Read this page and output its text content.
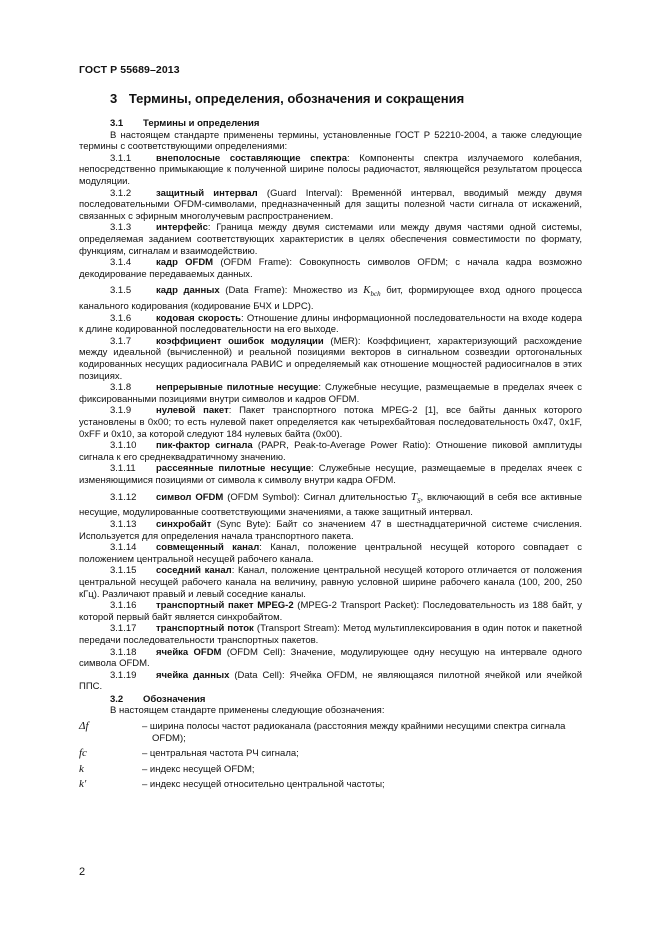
ГОСТ Р 55689–2013
3 Термины, определения, обозначения и сокращения

3.1 Термины и определения

В настоящем стандарте применены термины, установленные ГОСТ Р 52210-2004, а также следующие термины с соответствующими определениями:

3.1.1	внеполосные составляющие спектра: Компоненты спектра излучаемого колебания, непосредственно примыкающие к полученной ширине полосы радиочастот, являющейся результатом процесса модуляции.

3.1.2	защитный интервал (Guard Interval): Временнóй интервал, вводимый между двумя последовательными OFDM-символами, предназначенный для защиты полезной части сигнала от искажений, связанных с эфирным многолучевым распространением.

3.1.3	интерфейс: Граница между двумя системами или между двумя частями одной системы, определяемая заданием соответствующих характеристик в целях обеспечения совместимости по формату, функциям, сигналам и взаимодействию.

3.1.4	кадр OFDM (OFDM Frame): Совокупность символов OFDM; с начала кадра возможно декодирование передаваемых данных.

3.1.5	кадр данных (Data Frame): Множество из $K_{bch}$ бит, формирующее вход одного процесса канального кодирования (кодирование БЧХ и LDPC).

3.1.6	кодовая скорость: Отношение длины информационной последовательности на входе кодера к длине кодированной последовательности на его выходе.

3.1.7	коэффициент ошибок модуляции (MER): Коэффициент, характеризующий расхождение между идеальной (вычисленной) и реальной позициями векторов в сигнальном созвездии ортогональных кодированных несущих радиосигнала РАВИС и определяемый как отношение мощностей радиосигналов в этих позициях.

3.1.8	непрерывные пилотные несущие: Служебные несущие, размещаемые в пределах ячеек с фиксированными позициями внутри символов и кадров OFDM.

3.1.9	нулевой пакет: Пакет транспортного потока MPEG-2 [1], все байты данных которого установлены в 0x00; то есть нулевой пакет определяется как четырехбайтовая последовательность 0x47, 0x1F, 0xFF и 0x10, за которой следуют 184 нулевых байта (0x00).

3.1.10 пик-фактор сигнала (PAPR, Peak-to-Average Power Ratio): Отношение пиковой амплитуды сигнала к его среднеквадратичному значению.

3.1.11 рассеянные пилотные несущие: Служебные несущие, размещаемые в пределах ячеек с изменяющимися позициями от символа к символу внутри кадра OFDM.

3.1.12 символ OFDM (OFDM Symbol): Сигнал длительностью $T_S$, включающий в себя все активные несущие, модулированные соответствующими значениями, а также защитный интервал.

3.1.13 синхробайт (Sync Byte): Байт со значением 47 в шестнадцатеричной системе счисления. Используется для определения начала транспортного пакета.

3.1.14 совмещенный канал: Канал, положение центральной несущей которого совпадает с положением центральной несущей рабочего канала.

3.1.15 соседний канал: Канал, положение центральной несущей которого отличается от положения центральной несущей рабочего канала на величину, равную условной ширине рабочего канала (100, 200, 250 кГц). Различают правый и левый соседние каналы.

3.1.16 транспортный пакет MPEG-2 (MPEG-2 Transport Packet): Последовательность из 188 байт, у которой первый байт является синхробайтом.

3.1.17 транспортный поток (Transport Stream): Метод мультиплексирования в один поток и пакетной передачи последовательности транспортных пакетов.

3.1.18 ячейка OFDM (OFDM Cell): Значение, модулирующее одну несущую на интервале одного символа OFDM.

3.1.19 ячейка данных (Data Cell): Ячейка OFDM, не являющаяся пилотной ячейкой или ячейкой ППС.

3.2 Обозначения

В настоящем стандарте применены следующие обозначения:

Δf	– ширина полосы частот радиоканала (расстояния между крайними несущими спектра сигнала OFDM);
fc	– центральная частота РЧ сигнала;
k	– индекс несущей OFDM;
k′	– индекс несущей относительно центральной частоты;
2
